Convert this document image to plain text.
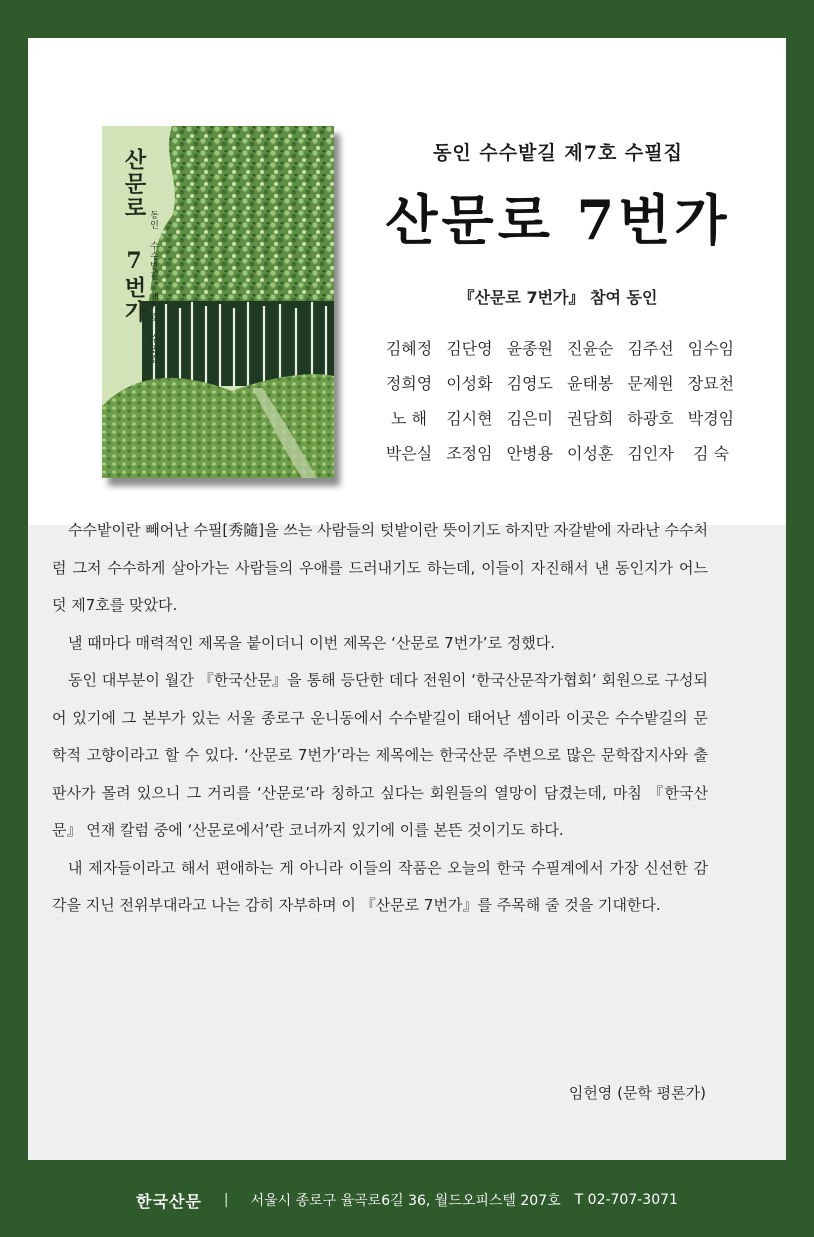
산문로 7번가 동인 수수밭길 제7호 수필집
동인 수수밭길 제7호 수필집
산문로 7번가
『산문로 7번가』 참여 동인
김혜정 김단영 윤종원 진윤순 김주선 임수임
정희영 이성화 김영도 윤태봉 문제원 장묘천
노 해	김시현 김은미 권담희 하광호 박경임
박은실 조정임 안병용 이성훈 김인자	김 숙

수수밭이란 빼어난 수필[秀隨]을 쓰는 사람들의 텃밭이란 뜻이기도 하지만 자갈밭에 자라난 수수처럼 그저 수수하게 살아가는 사람들의 우애를 드러내기도 하는데, 이들이 자진해서 낸 동인지가 어느덧 제7호를 맞았다.

낼 때마다 매력적인 제목을 붙이더니 이번 제목은 ‘산문로 7번가’로 정했다.

동인 대부분이 월간 『한국산문』을 통해 등단한 데다 전원이 ‘한국산문작가협회’ 회원으로 구성되어 있기에 그 본부가 있는 서울 종로구 운니동에서 수수밭길이 태어난 셈이라 이곳은 수수밭길의 문학적 고향이라고 할 수 있다. ‘산문로 7번가’라는 제목에는 한국산문 주변으로 많은 문학잡지사와 출판사가 몰려 있으니 그 거리를 ‘산문로’라 칭하고 싶다는 회원들의 열망이 담겼는데, 마침 『한국산문』 연재 칼럼 중에 ‘산문로에서’란 코너까지 있기에 이를 본뜬 것이기도 하다.

내 제자들이라고 해서 편애하는 게 아니라 이들의 작품은 오늘의 한국 수필계에서 가장 신선한 감각을 지닌 전위부대라고 나는 감히 자부하며 이 『산문로 7번가』를 주목해 줄 것을 기대한다.

임헌영 (문학 평론가)
한국산문 | 서울시 종로구 율곡로6길 36, 월드오피스텔 207호 T 02-707-3071
